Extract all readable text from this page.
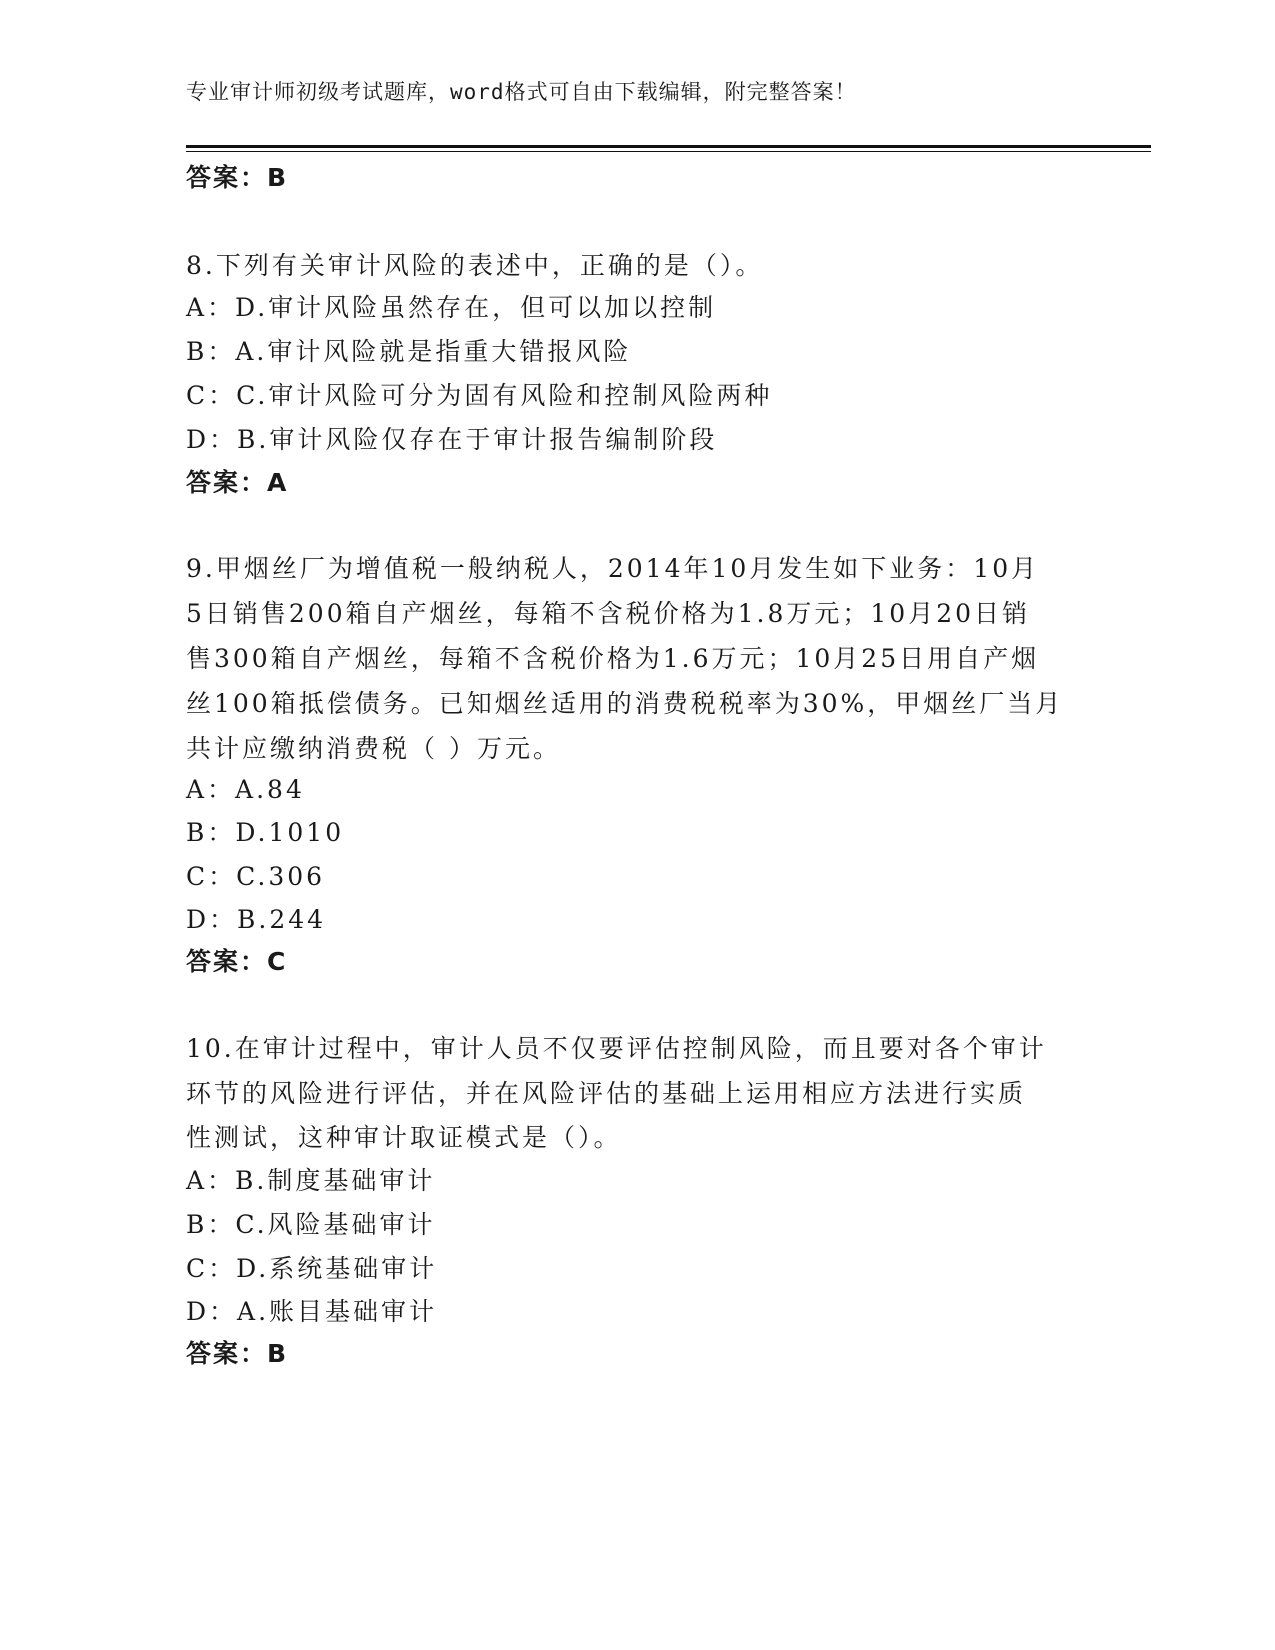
专业审计师初级考试题库，word格式可自由下载编辑，附完整答案！
答案：B
8.下列有关审计风险的表述中，正确的是（）。
A：D.审计风险虽然存在，但可以加以控制
B：A.审计风险就是指重大错报风险
C：C.审计风险可分为固有风险和控制风险两种
D：B.审计风险仅存在于审计报告编制阶段
答案：A
9.甲烟丝厂为增值税一般纳税人，2014年10月发生如下业务：10月
5日销售200箱自产烟丝，每箱不含税价格为1.8万元；10月20日销
售300箱自产烟丝，每箱不含税价格为1.6万元；10月25日用自产烟
丝100箱抵偿债务。已知烟丝适用的消费税税率为30%，甲烟丝厂当月
共计应缴纳消费税（ ）万元。
A：A.84
B：D.1010
C：C.306
D：B.244
答案：C
10.在审计过程中，审计人员不仅要评估控制风险，而且要对各个审计
环节的风险进行评估，并在风险评估的基础上运用相应方法进行实质
性测试，这种审计取证模式是（）。
A：B.制度基础审计
B：C.风险基础审计
C：D.系统基础审计
D：A.账目基础审计
答案：B
